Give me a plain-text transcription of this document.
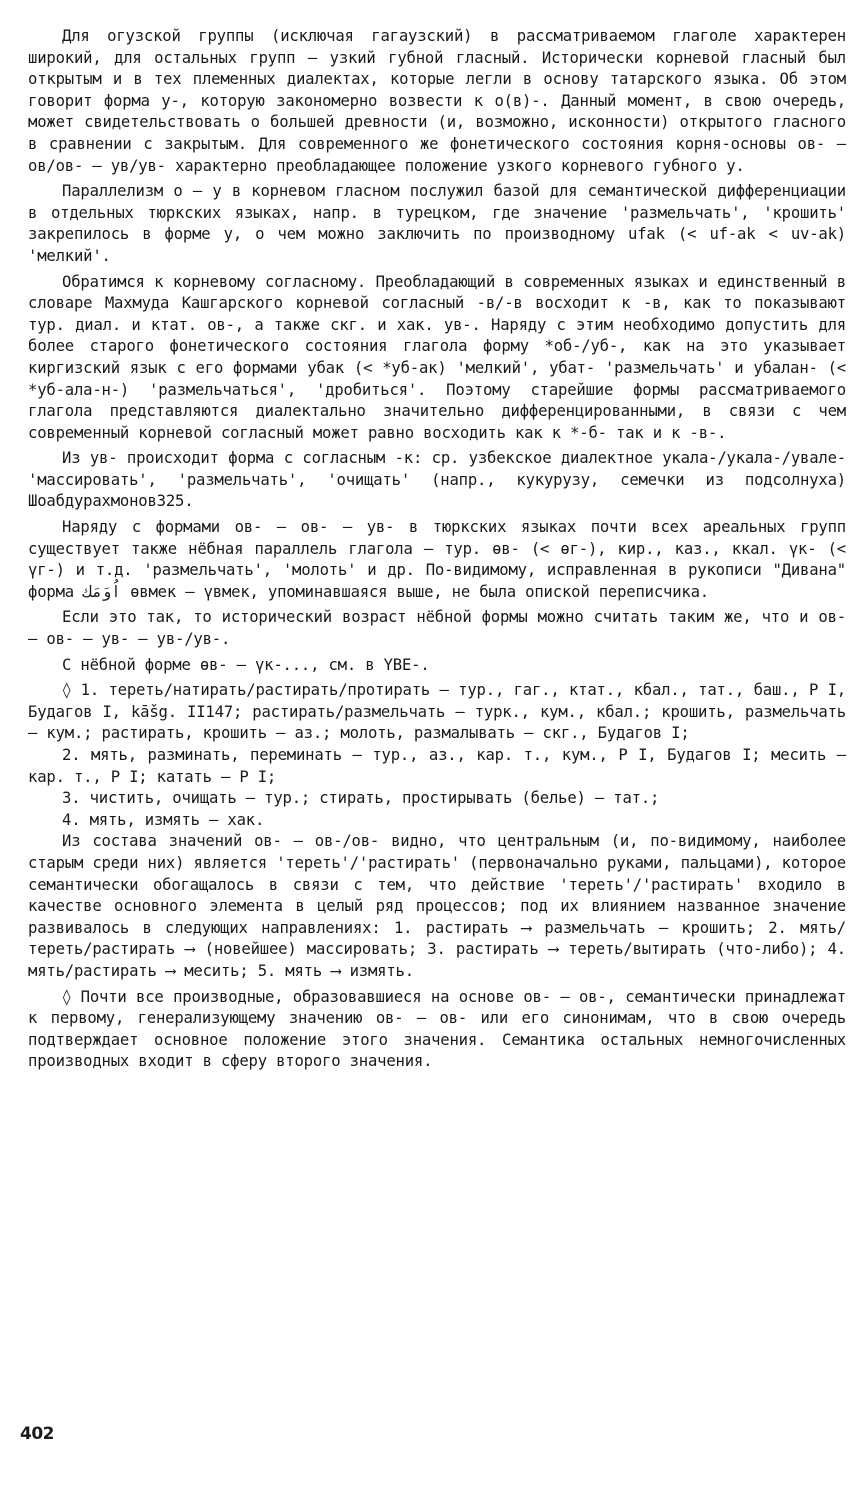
Для огузской группы (исключая гагаузский) в рассматриваемом глаголе характерен широкий, для остальных групп – узкий губной гласный. Исторически корневой гласный был открытым и в тех племенных диалектах, которые легли в основу татарского языка. Об этом говорит форма у-, которую закономерно возвести к о(в)-. Данный момент, в свою очередь, может свидетельствовать о большей древности (и, возможно, исконности) открытого гласного в сравнении с закрытым. Для современного же фонетического состояния корня-основы ов- – ов/ов- – ув/ув- характерно преобладающее положение узкого корневого губного у.

Параллелизм о – у в корневом гласном послужил базой для семантической дифференциации в отдельных тюркских языках, напр. в турецком, где значение 'размельчать', 'крошить' закрепилось в форме у, о чем можно заключить по производному ufak (< uf-ak < uv-ak) 'мелкий'.

Обратимся к корневому согласному. Преобладающий в современных языках и единственный в словаре Махмуда Кашгарского корневой согласный -в/-в восходит к -в, как то показывают тур. диал. и ктат. ов-, а также скг. и хак. ув-. Наряду с этим необходимо допустить для более старого фонетического состояния глагола форму *об-/уб-, как на это указывает киргизский язык с его формами убак (< *уб-ак) 'мелкий', убат- 'размельчать' и убалан- (< *уб-ала-н-) 'размельчаться', 'дробиться'. Поэтому старейшие формы рассматриваемого глагола представляются диалектально значительно дифференцированными, в связи с чем современный корневой согласный может равно восходить как к *-б- так и к -в-.

Из ув- происходит форма с согласным -к: ср. узбекское диалектное укала-/укала-/увале- 'массировать', 'размельчать', 'очищать' (напр., кукурузу, семечки из подсолнуха) Шоабдурахмонов325.

Наряду с формами ов- – ов- – ув- в тюркских языках почти всех ареальных групп существует также нёбная параллель глагола – тур. өв- (< өг-), кир., каз., ккал. үк- (< үг-) и т.д. 'размельчать', 'молоть' и др. По-видимому, исправленная в рукописи "Дивана" форма اُوَمَك өвмек – үвмек, упоминавшаяся выше, не была опиской переписчика.

Если это так, то исторический возраст нёбной формы можно считать таким же, что и ов- – ов- – ув- – ув-/ув-.

С нёбной форме өв- – үк-..., см. в ҮВЕ-.

◊ 1. тереть/натирать/растирать/протирать – тур., гаг., ктат., кбал., тат., баш., Р I, Будагов I, kāšg. II147; растирать/размельчать – турк., кум., кбал.; крошить, размельчать – кум.; растирать, крошить – аз.; молоть, размалывать – скг., Будагов I;

2. мять, разминать, переминать – тур., аз., кар. т., кум., Р I, Будагов I; месить – кар. т., Р I; катать – Р I;

3. чистить, очищать – тур.; стирать, простирывать (белье) – тат.;

4. мять, измять – хак.

Из состава значений ов- – ов-/ов- видно, что центральным (и, по-видимому, наиболее старым среди них) является 'тереть'/'растирать' (первоначально руками, пальцами), которое семантически обогащалось в связи с тем, что действие 'тереть'/'растирать' входило в качестве основного элемента в целый ряд процессов; под их влиянием названное значение развивалось в следующих направлениях: 1. растирать ⟶ размельчать – крошить; 2. мять/тереть/растирать ⟶ (новейшее) массировать; 3. растирать ⟶ тереть/вытирать (что-либо); 4. мять/растирать ⟶ месить; 5. мять ⟶ измять.

◊ Почти все производные, образовавшиеся на основе ов- – ов-, семантически принадлежат к первому, генерализующему значению ов- – ов- или его синонимам, что в свою очередь подтверждает основное положение этого значения. Семантика остальных немногочисленных производных входит в сферу второго значения.

402
